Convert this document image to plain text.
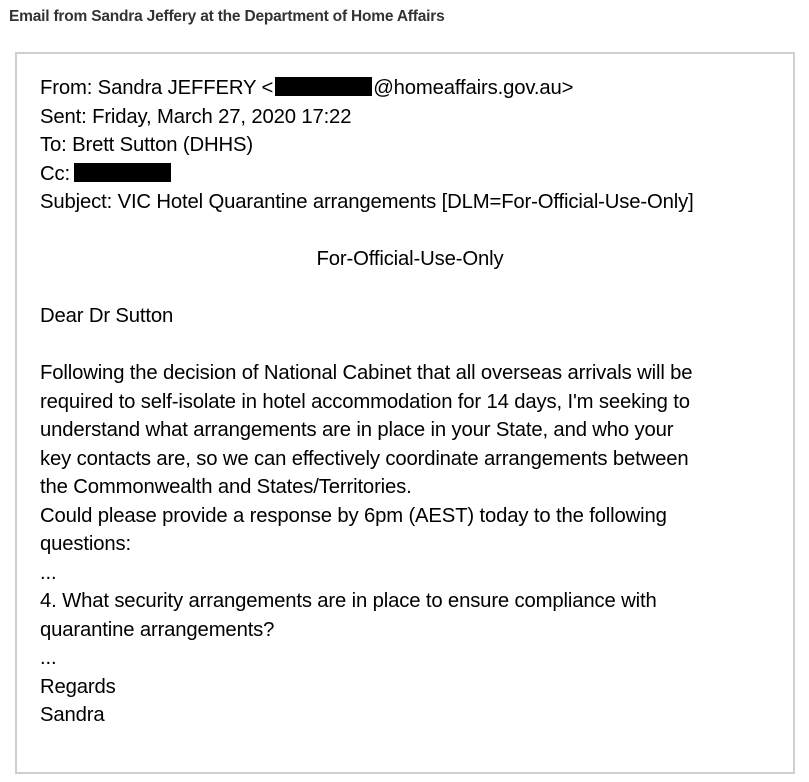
Email from Sandra Jeffery at the Department of Home Affairs
From: Sandra JEFFERY <	@homeaffairs.gov.au>
Sent: Friday, March 27, 2020 17:22
To: Brett Sutton (DHHS)
Cc:
Subject: VIC Hotel Quarantine arrangements [DLM=For-Official-Use-Only]
For-Official-Use-Only
Dear Dr Sutton
Following the decision of National Cabinet that all overseas arrivals will be
required to self-isolate in hotel accommodation for 14 days, I'm seeking to
understand what arrangements are in place in your State, and who your
key contacts are, so we can effectively coordinate arrangements between
the Commonwealth and States/Territories.
Could please provide a response by 6pm (AEST) today to the following
questions:
...
4. What security arrangements are in place to ensure compliance with
quarantine arrangements?
...
Regards
Sandra
